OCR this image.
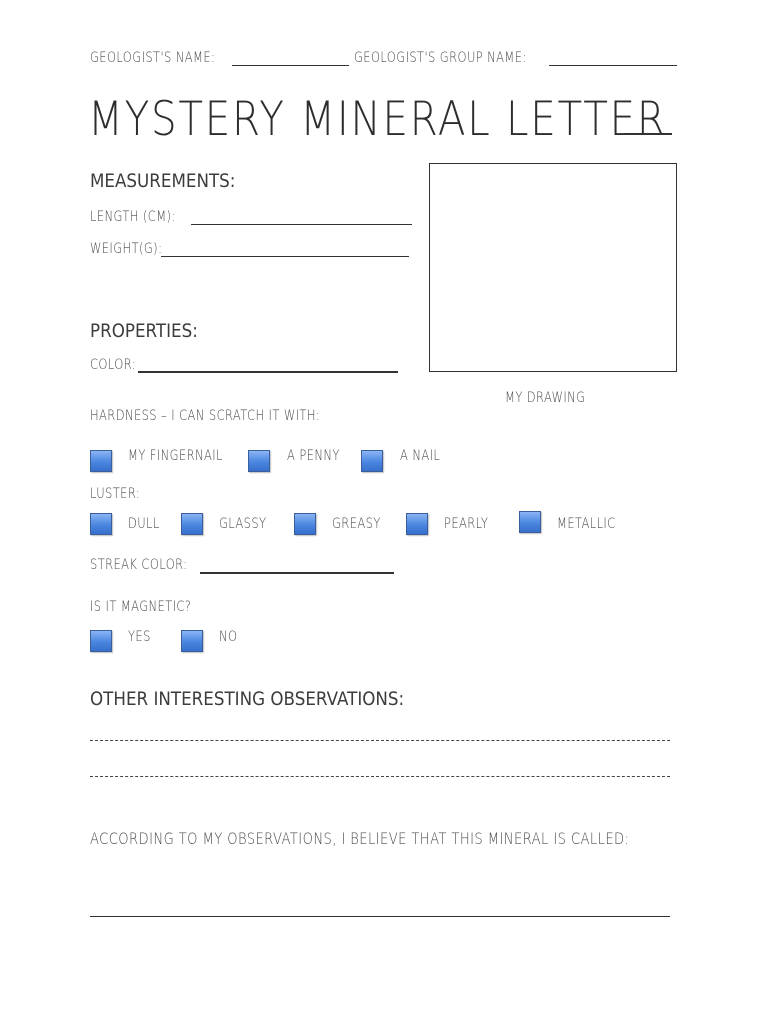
GEOLOGIST'S NAME:	GEOLOGIST'S GROUP NAME:
MYSTERY MINERAL LETTER
MEASUREMENTS:
LENGTH (CM):
WEIGHT(G):
MY DRAWING
PROPERTIES:
COLOR:
HARDNESS – I CAN SCRATCH IT WITH:
MY FINGERNAIL	A PENNY	A NAIL
LUSTER:
DULL	GLASSY	GREASY	PEARLY	METALLIC
STREAK COLOR:
IS IT MAGNETIC?
YES	NO
OTHER INTERESTING OBSERVATIONS:
ACCORDING TO MY OBSERVATIONS, I BELIEVE THAT THIS MINERAL IS CALLED:
